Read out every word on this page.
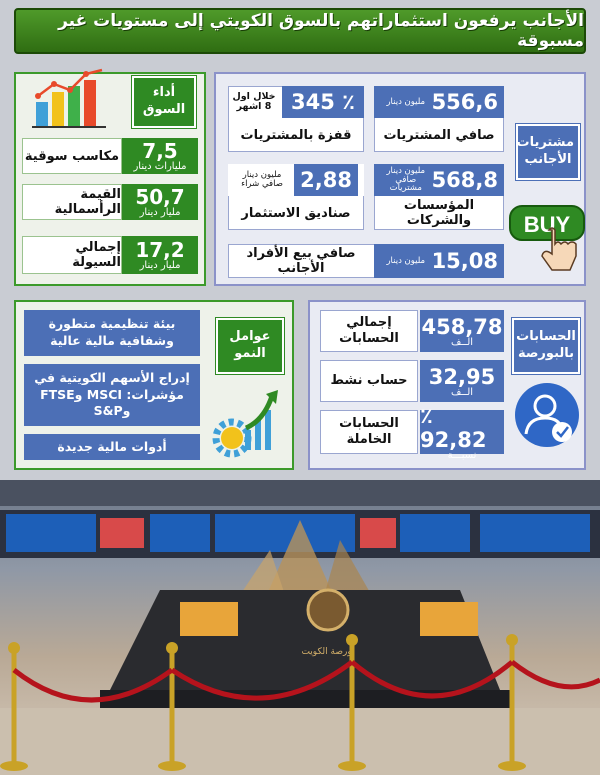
الأجانب يرفعون استثماراتهم بالسوق الكويتي إلى مستويات غير مسبوقة
مشتريات الأجانب
BUY
556,6
مليون دينار
صافي المشتريات
345 ٪
خلال اول 8 اشهر
قفزة بالمشتريات
568,8
مليون دينار صافي مشتريات
المؤسسات والشركات
2,88
مليون دينار صافي شراء
صناديق الاستثمار
15,08
مليون دينار
صافي بيع الأفراد الأجانب
أداء السوق
مكاسب سوقية 7,5
مليارات دينار
القيمة الرأسمالية
50,7
مليار دينار
إجمالي السيولة
17,2
مليار دينار
عوامل النمو
بيئة تنظيمية متطورة وشفافية مالية عالية
إدراج الأسهم الكويتية في مؤشرات: MSCI وFTSE وS&P
أدوات مالية جديدة
الحسابات بالبورصة
458,78
الــف
إجمالي الحسابات
32,95
الــف
حساب نشط
٪ 92,82
نسبـــة
الحسابات الخاملة
بورصة الكويت
